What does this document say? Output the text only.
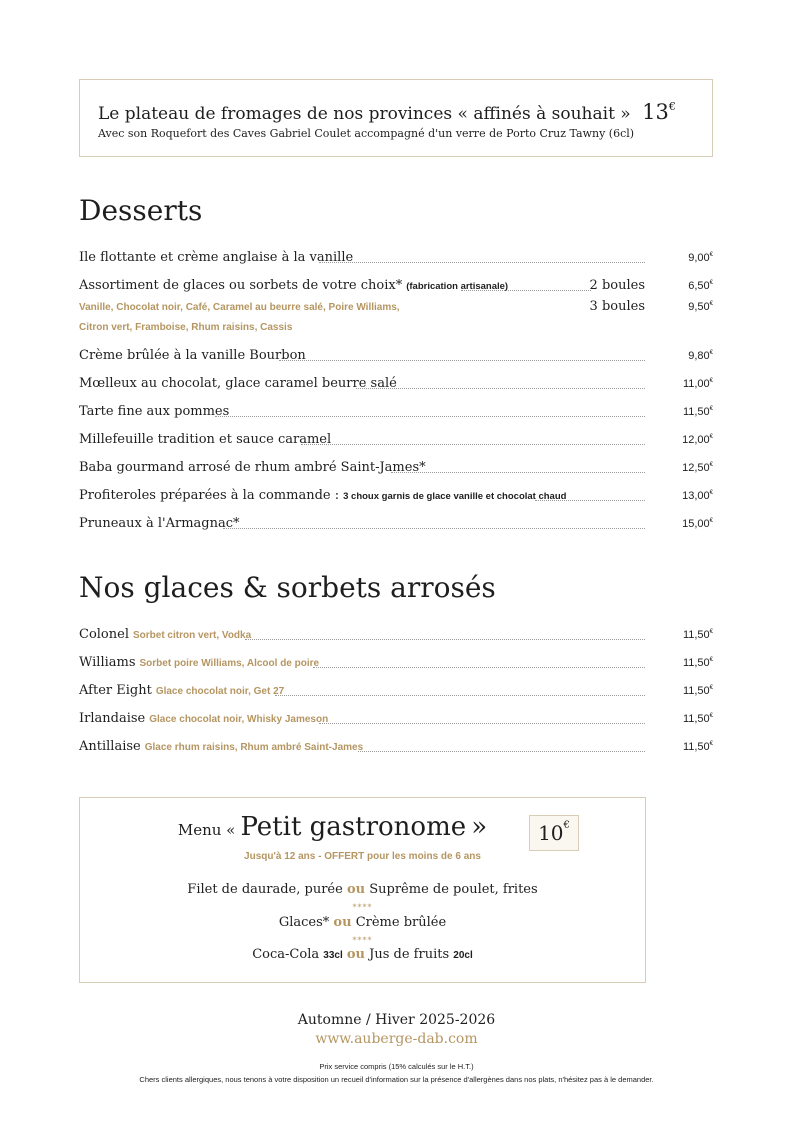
Le plateau de fromages de nos provinces « affinés à souhait » 13€
Avec son Roquefort des Caves Gabriel Coulet accompagné d'un verre de Porto Cruz Tawny (6cl)
Desserts
Ile flottante et crème anglaise à la vanille	9,00€
Assortiment de glaces ou sorbets de votre choix* (fabrication artisanale)	2 boules	6,50€
3 boules	9,50€
Vanille, Chocolat noir, Café, Caramel au beurre salé, Poire Williams,
Citron vert, Framboise, Rhum raisins, Cassis
Crème brûlée à la vanille Bourbon	9,80€
Mœlleux au chocolat, glace caramel beurre salé	11,00€
Tarte fine aux pommes	11,50€
Millefeuille tradition et sauce caramel	12,00€
Baba gourmand arrosé de rhum ambré Saint-James*	12,50€
Profiteroles préparées à la commande : 3 choux garnis de glace vanille et chocolat chaud	13,00€
Pruneaux à l'Armagnac*	15,00€
Nos glaces & sorbets arrosés
Colonel Sorbet citron vert, Vodka	11,50€
Williams Sorbet poire Williams, Alcool de poire	11,50€
After Eight Glace chocolat noir, Get 27	11,50€
Irlandaise Glace chocolat noir, Whisky Jameson	11,50€
Antillaise Glace rhum raisins, Rhum ambré Saint-James	11,50€
Menu « Petit gastronome »	10€
Jusqu'à 12 ans - OFFERT pour les moins de 6 ans
Filet de daurade, purée ou Suprême de poulet, frites
****
Glaces* ou Crème brûlée
****
Coca-Cola 33cl ou Jus de fruits 20cl
Automne / Hiver 2025-2026
www.auberge-dab.com
Prix service compris (15% calculés sur le H.T.)
Chers clients allergiques, nous tenons à votre disposition un recueil d'information sur la présence d'allergènes dans nos plats, n'hésitez pas à le demander.
